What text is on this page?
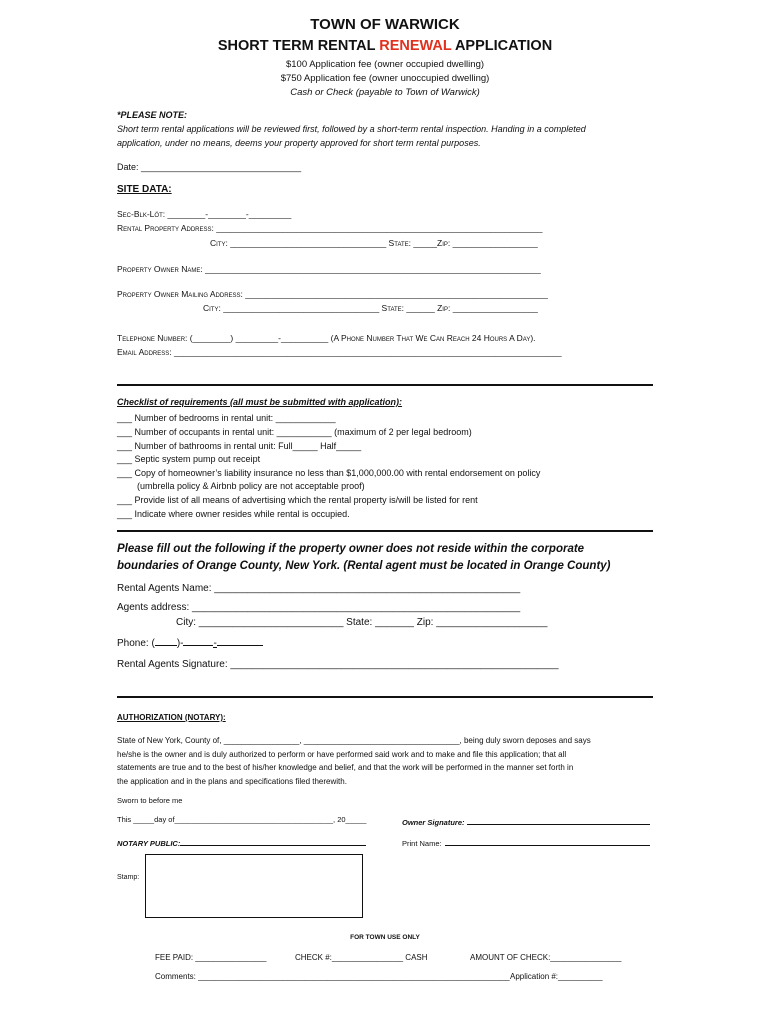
TOWN OF WARWICK
SHORT TERM RENTAL RENEWAL APPLICATION
$100 Application fee (owner occupied dwelling)
$750 Application fee (owner unoccupied dwelling)
Cash or Check (payable to Town of Warwick)
*PLEASE NOTE:
Short term rental applications will be reviewed first, followed by a short-term rental inspection. Handing in a completed
application, under no means, deems your property approved for short term rental purposes.
Date: ________________________________
SITE DATA:
Sec-Blk-Löt: ________-________-_________
Rental Property Address: _____________________________________________________________________
City: _________________________________ State: _____Zip: __________________
Property Owner Name: _______________________________________________________________________
Property Owner Mailing Address: ________________________________________________________________
City: _________________________________ State: ______ Zip: __________________
Telephone Number: (________) _________-__________ (A Phone Number That We Can Reach 24 Hours A Day).
Email Address: __________________________________________________________________________________
Checklist of requirements (all must be submitted with application):
___ Number of bedrooms in rental unit: ____________
___ Number of occupants in rental unit: ___________ (maximum of 2 per legal bedroom)
___ Number of bathrooms in rental unit: Full_____ Half_____
___ Septic system pump out receipt
___ Copy of homeowner’s liability insurance no less than $1,000,000.00 with rental endorsement on policy
(umbrella policy & Airbnb policy are not acceptable proof)
___ Provide list of all means of advertising which the rental property is/will be listed for rent
___ Indicate where owner resides while rental is occupied.
Please fill out the following if the property owner does not reside within the corporate
boundaries of Orange County, New York. (Rental agent must be located in Orange County)
Rental Agents Name: _______________________________________________________
Agents address: ___________________________________________________________
City: __________________________ State: _______ Zip: ____________________
Phone: ( )-	-
Rental Agents Signature: ___________________________________________________________
AUTHORIZATION (NOTARY):
State of New York, County of, _________________, ___________________________________, being duly sworn deposes and says
he/she is the owner and is duly authorized to perform or have performed said work and to make and file this application; that all
statements are true and to the best of his/her knowledge and belief, and that the work will be performed in the manner set forth in
the application and in the plans and specifications filed therewith.
Sworn to before me
This _____day of______________________________________, 20_____	Owner Signature:
NOTARY PUBLIC:	Print Name:
Stamp:
FOR TOWN USE ONLY
FEE PAID: ________________	CHECK #:________________ CASH	AMOUNT OF CHECK:________________
Comments: ______________________________________________________________________ Application #:__________
